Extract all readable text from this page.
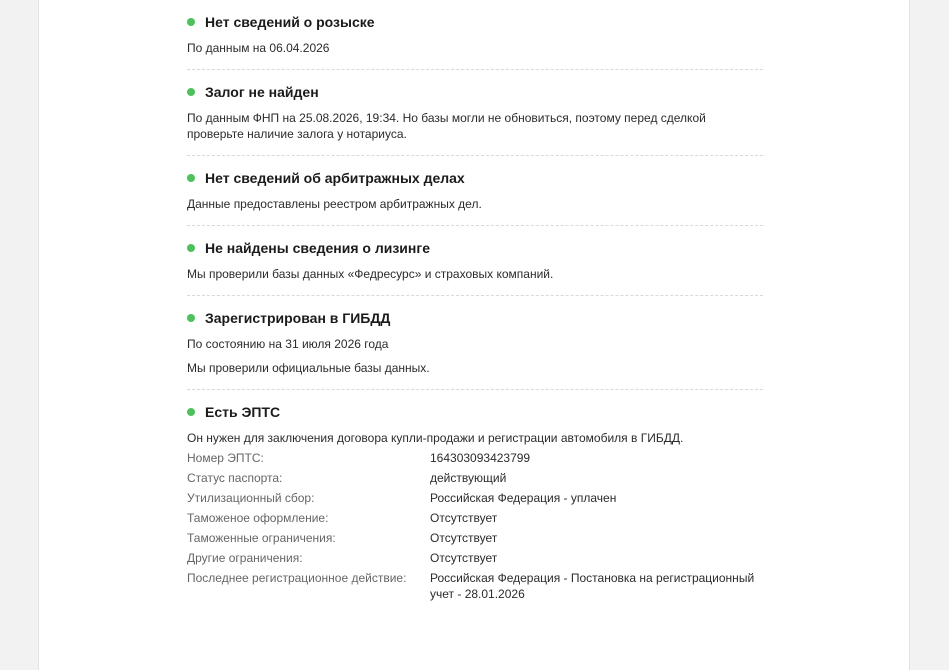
Нет сведений о розыске
По данным на 06.04.2026
Залог не найден
По данным ФНП на 25.08.2026, 19:34. Но базы могли не обновиться, поэтому перед сделкой проверьте наличие залога у нотариуса.
Нет сведений об арбитражных делах
Данные предоставлены реестром арбитражных дел.
Не найдены сведения о лизинге
Мы проверили базы данных «Федресурс» и страховых компаний.
Зарегистрирован в ГИБДД
По состоянию на 31 июля 2026 года
Мы проверили официальные базы данных.
Есть ЭПТС
Он нужен для заключения договора купли-продажи и регистрации автомобиля в ГИБДД.
Номер ЭПТС:	164303093423799
Статус паспорта:	действующий
Утилизационный сбор:	Российская Федерация - уплачен
Таможеное оформление:	Отсутствует
Таможенные ограничения:	Отсутствует
Другие ограничения:	Отсутствует
Последнее регистрационное действие:	Российская Федерация - Постановка на регистрационный учет - 28.01.2026
